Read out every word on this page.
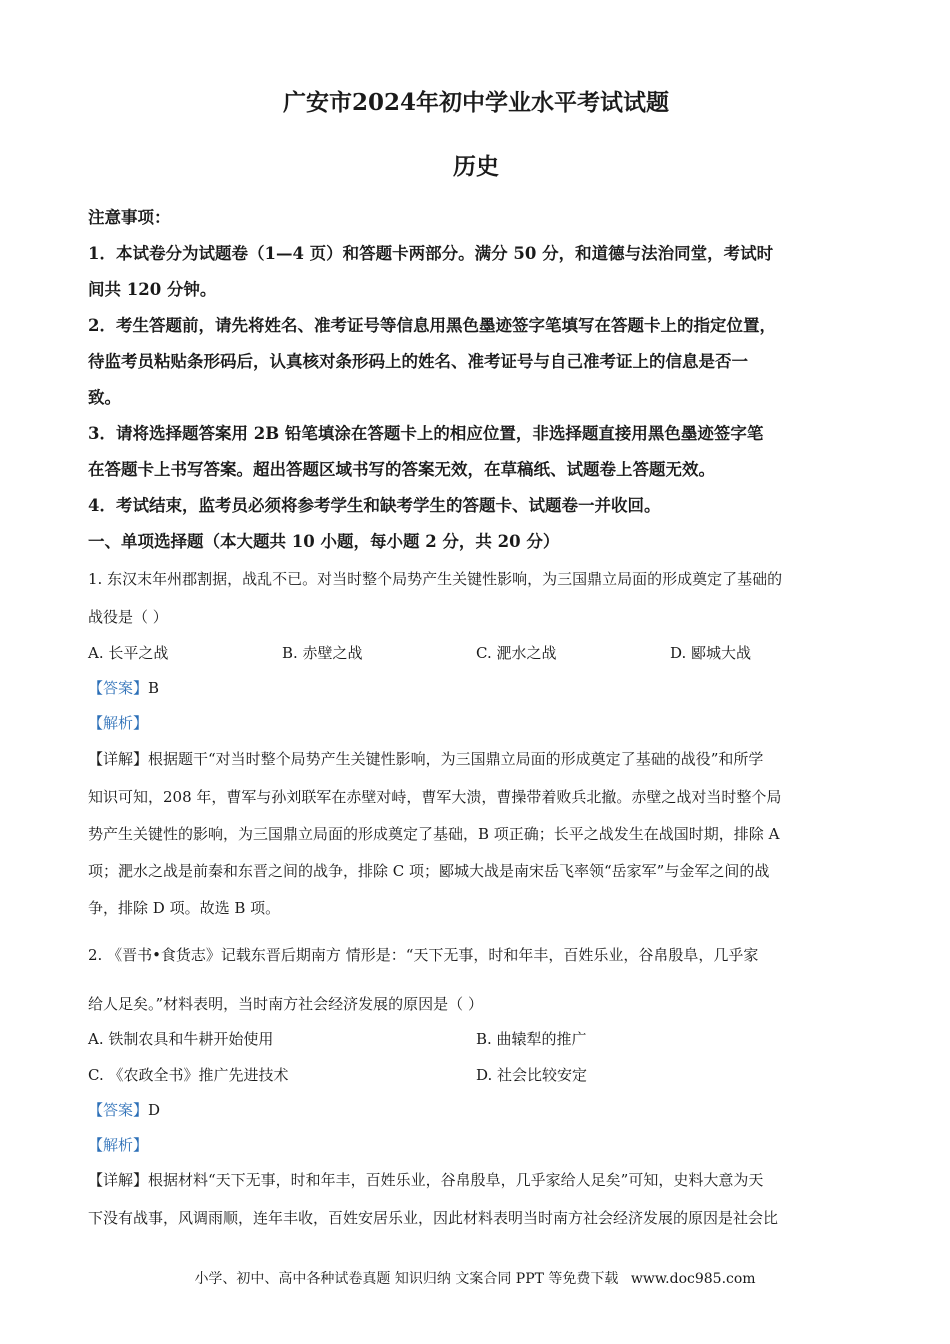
广安市2024年初中学业水平考试试题
历史
注意事项：
1．本试卷分为试题卷（1—4 页）和答题卡两部分。满分 50 分，和道德与法治同堂，考试时
间共 120 分钟。
2．考生答题前，请先将姓名、准考证号等信息用黑色墨迹签字笔填写在答题卡上的指定位置，
待监考员粘贴条形码后，认真核对条形码上的姓名、准考证号与自己准考证上的信息是否一
致。
3．请将选择题答案用 2B 铅笔填涂在答题卡上的相应位置，非选择题直接用黑色墨迹签字笔
在答题卡上书写答案。超出答题区域书写的答案无效，在草稿纸、试题卷上答题无效。
4．考试结束，监考员必须将参考学生和缺考学生的答题卡、试题卷一并收回。
一、单项选择题（本大题共 10 小题，每小题 2 分，共 20 分）
1. 东汉末年州郡割据，战乱不已。对当时整个局势产生关键性影响，为三国鼎立局面的形成奠定了基础的
战役是（ ）
A. 长平之战	B. 赤壁之战	C. 淝水之战	D. 郾城大战
【答案】B
【解析】
【详解】根据题干“对当时整个局势产生关键性影响，为三国鼎立局面的形成奠定了基础的战役”和所学
知识可知，208 年，曹军与孙刘联军在赤壁对峙，曹军大溃，曹操带着败兵北撤。赤壁之战对当时整个局
势产生关键性的影响，为三国鼎立局面的形成奠定了基础，B 项正确；长平之战发生在战国时期，排除 A
项；淝水之战是前秦和东晋之间的战争，排除 C 项；郾城大战是南宋岳飞率领“岳家军”与金军之间的战
争，排除 D 项。故选 B 项。
2. 《晋书•食货志》记载东晋后期南方 情形是：“天下无事，时和年丰，百姓乐业，谷帛殷阜，几乎家
给人足矣。”材料表明，当时南方社会经济发展的原因是（ ）
A. 铁制农具和牛耕开始使用	B. 曲辕犁的推广
C. 《农政全书》推广先进技术	D. 社会比较安定
【答案】D
【解析】
【详解】根据材料“天下无事，时和年丰，百姓乐业，谷帛殷阜，几乎家给人足矣”可知，史料大意为天
下没有战事，风调雨顺，连年丰收，百姓安居乐业，因此材料表明当时南方社会经济发展的原因是社会比
小学、初中、高中各种试卷真题 知识归纳 文案合同 PPT 等免费下载 www.doc985.com
